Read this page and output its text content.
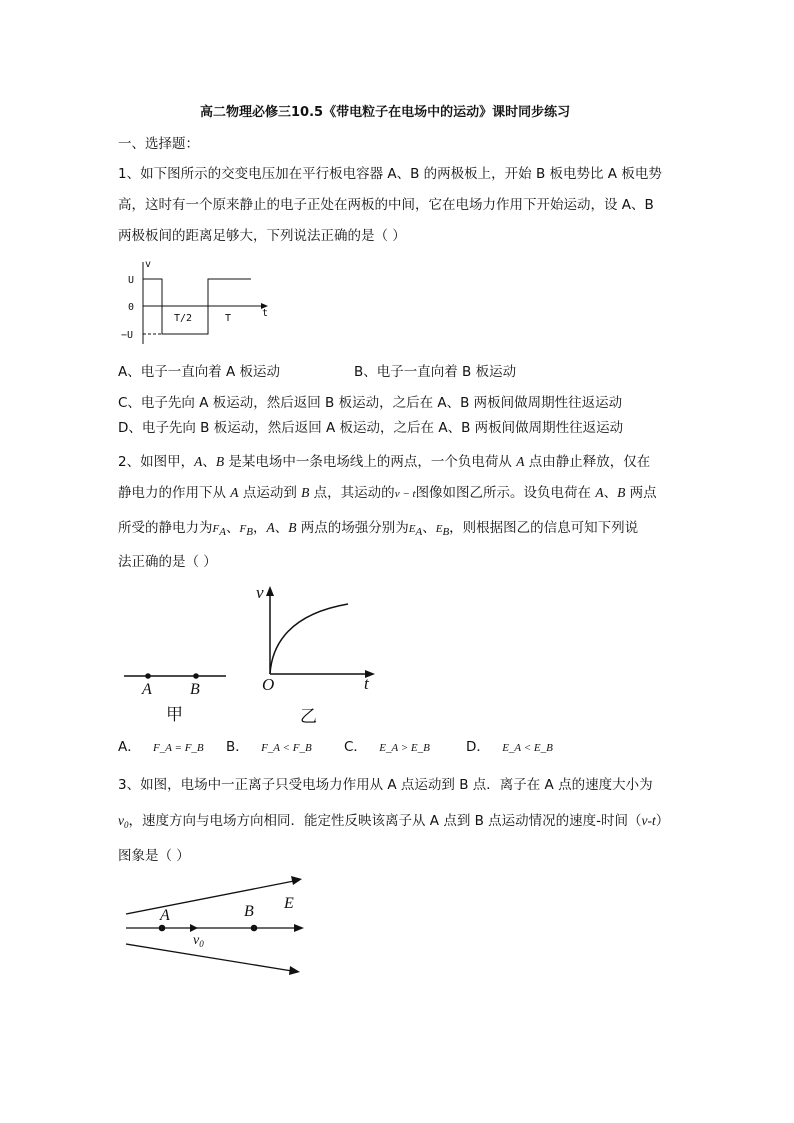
高二物理必修三10.5《带电粒子在电场中的运动》课时同步练习
一、选择题：
1、如下图所示的交变电压加在平行板电容器 A、B 的两极板上，开始 B 板电势比 A 板电势
高，这时有一个原来静止的电子正处在两板的中间，它在电场力作用下开始运动，设 A、B
两极板间的距离足够大，下列说法正确的是（ ）
v
U
0
−U
T/2	T	t
A、电子一直向着 A 板运动	B、电子一直向着 B 板运动
C、电子先向 A 板运动，然后返回 B 板运动，之后在 A、B 两板间做周期性往返运动
D、电子先向 B 板运动，然后返回 A 板运动，之后在 A、B 两板间做周期性往返运动
2、如图甲，A、B 是某电场中一条电场线上的两点，一个负电荷从 A 点由静止释放，仅在
静电力的作用下从 A 点运动到 B 点，其运动的v − t图像如图乙所示。设负电荷在 A、B 两点
所受的静电力为$F_A$、$F_B$，A、B 两点的场强分别为$E_A$、$E_B$，则根据图乙的信息可知下列说
法正确的是（ ）
A B
甲
v
O	t
乙
A． F_A = F_B B． F_A < F_B C． E_A > E_B	D． E_A < E_B
3、如图，电场中一正离子只受电场力作用从 A 点运动到 B 点．离子在 A 点的速度大小为
$v_0$，速度方向与电场方向相同．能定性反映该离子从 A 点到 B 点运动情况的速度-时间（v-t）
图象是（ ）
A	B E
$v_0$
